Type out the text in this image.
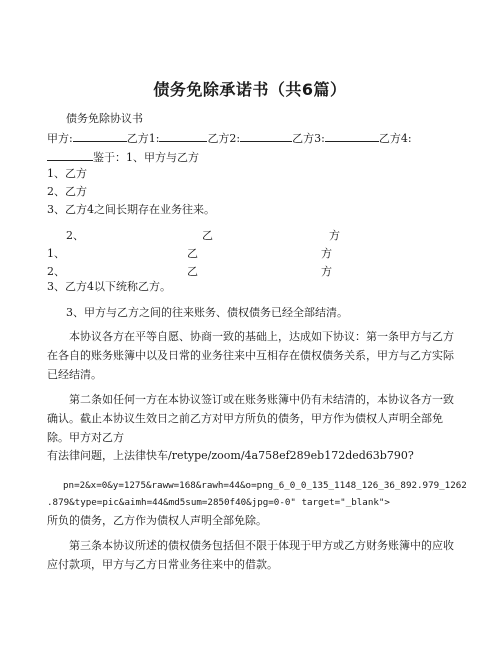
债务免除承诺书（共6篇）
债务免除协议书
甲方:	乙方1:	乙方2:	乙方3:	乙方4:
鉴于：1、甲方与乙方
1、乙方
2、乙方
3、乙方4之间长期存在业务往来。
2、	乙	方
1、	乙	方
2、	乙	方
3、乙方4以下统称乙方。
3、甲方与乙方之间的往来账务、债权债务已经全部结清。

本协议各方在平等自愿、协商一致的基础上，达成如下协议：第一条甲方与乙方在各自的账务账簿中以及日常的业务往来中互相存在债权债务关系，甲方与乙方实际已经结清。

第二条如任何一方在本协议签订或在账务账簿中仍有未结清的，本协议各方一致确认。截止本协议生效日之前乙方对甲方所负的债务，甲方作为债权人声明全部免除。甲方对乙方

有法律问题，上法律快车/retype/zoom/4a758ef289eb172ded63b790?
pn=2&x=0&y=1275&raww=168&rawh=44&o=png_6_0_0_135_1148_126_36_892.979_1262
.879&type=pic&aimh=44&md5sum=2850f40&jpg=0-0" target="_blank">
所负的债务，乙方作为债权人声明全部免除。

第三条本协议所述的债权债务包括但不限于体现于甲方或乙方财务账簿中的应收应付款项，甲方与乙方日常业务往来中的借款。
